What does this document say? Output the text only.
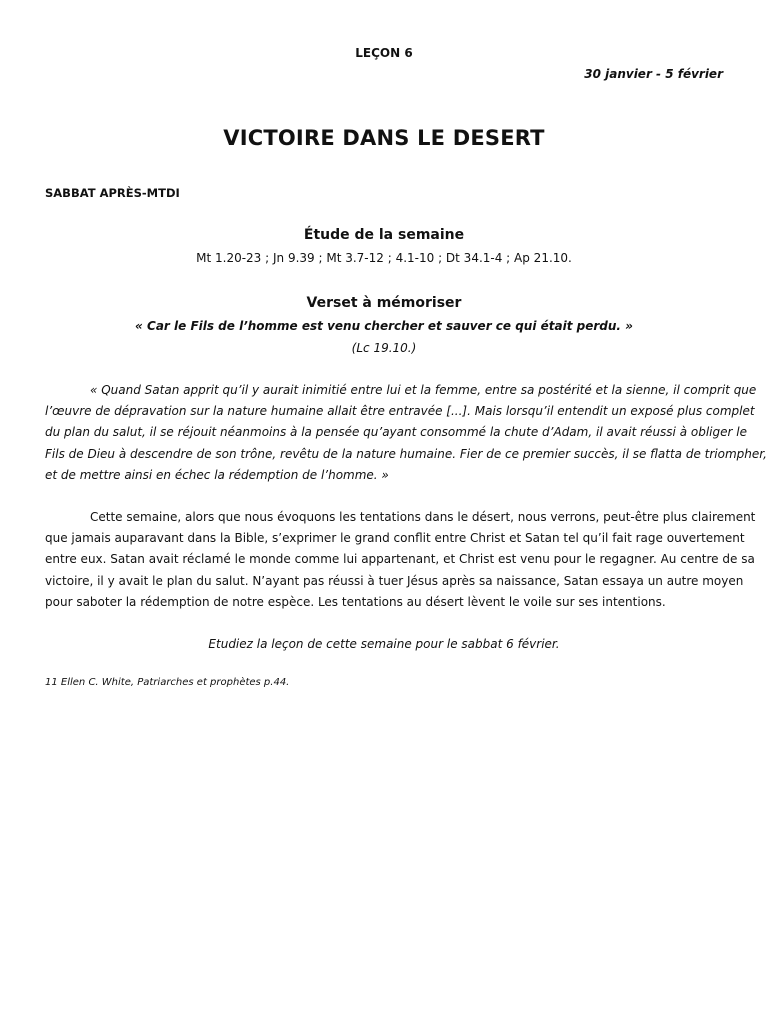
LEÇON 6
30 janvier - 5 février
VICTOIRE DANS LE DESERT
SABBAT APRÈS-MTDI
Étude de la semaine
Mt 1.20-23 ; Jn 9.39 ; Mt 3.7-12 ; 4.1-10 ; Dt 34.1-4 ; Ap 21.10.
Verset à mémoriser
« Car le Fils de l’homme est venu chercher et sauver ce qui était perdu. »
(Lc 19.10.)
« Quand Satan apprit qu’il y aurait inimitié entre lui et la femme, entre sa postérité et la sienne, il comprit que
l’œuvre de dépravation sur la nature humaine allait être entravée [...]. Mais lorsqu’il entendit un exposé plus complet
du plan du salut, il se réjouit néanmoins à la pensée qu’ayant consommé la chute d’Adam, il avait réussi à obliger le
Fils de Dieu à descendre de son trône, revêtu de la nature humaine. Fier de ce premier succès, il se flatta de triompher,
et de mettre ainsi en échec la rédemption de l’homme. »
Cette semaine, alors que nous évoquons les tentations dans le désert, nous verrons, peut-être plus clairement
que jamais auparavant dans la Bible, s’exprimer le grand conflit entre Christ et Satan tel qu’il fait rage ouvertement
entre eux. Satan avait réclamé le monde comme lui appartenant, et Christ est venu pour le regagner. Au centre de sa
victoire, il y avait le plan du salut. N’ayant pas réussi à tuer Jésus après sa naissance, Satan essaya un autre moyen
pour saboter la rédemption de notre espèce. Les tentations au désert lèvent le voile sur ses intentions.
Etudiez la leçon de cette semaine pour le sabbat 6 février.
11 Ellen C. White, Patriarches et prophètes p.44.
